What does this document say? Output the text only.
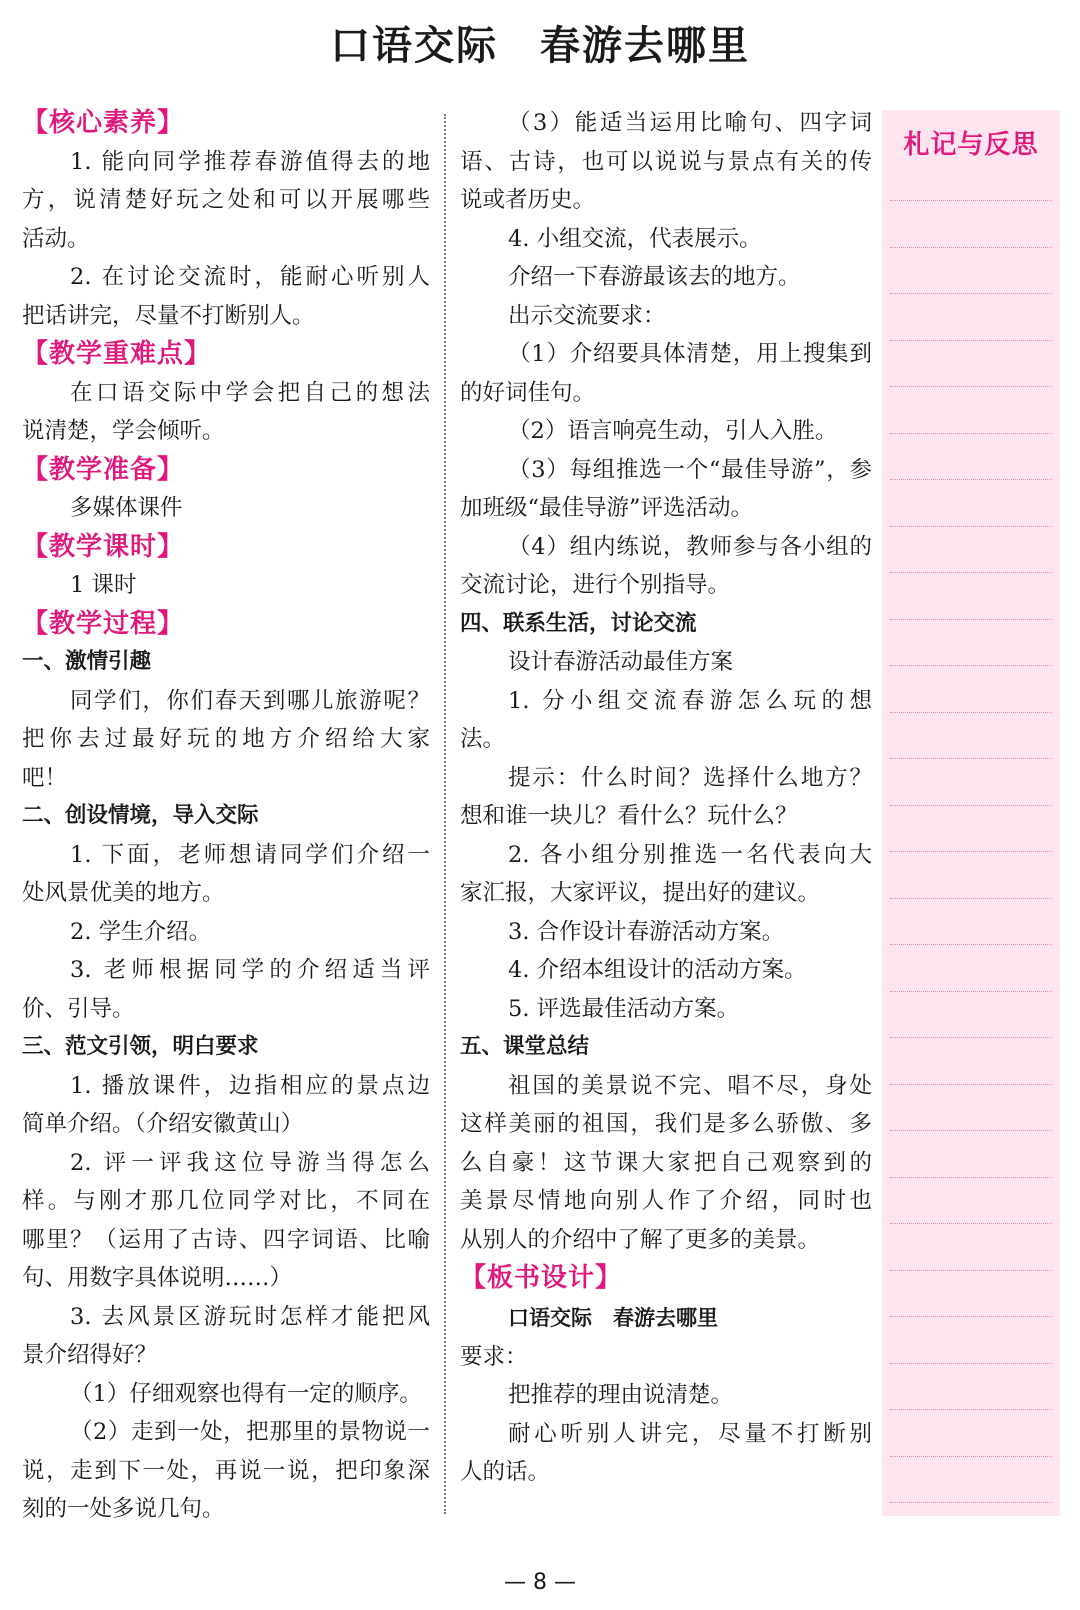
口语交际　春游去哪里

【核心素养】

1. 能向同学推荐春游值得去的地

方，说清楚好玩之处和可以开展哪些

活动。

2. 在讨论交流时，能耐心听别人

把话讲完，尽量不打断别人。

【教学重难点】

在口语交际中学会把自己的想法

说清楚，学会倾听。

【教学准备】

多媒体课件

【教学课时】

1 课时

【教学过程】

一、激情引趣

同学们，你们春天到哪儿旅游呢？

把你去过最好玩的地方介绍给大家

吧！

二、创设情境，导入交际

1. 下面，老师想请同学们介绍一

处风景优美的地方。

2. 学生介绍。

3. 老师根据同学的介绍适当评

价、引导。

三、范文引领，明白要求

1. 播放课件，边指相应的景点边

简单介绍。（介绍安徽黄山）

2. 评一评我这位导游当得怎么

样。与刚才那几位同学对比，不同在

哪里？（运用了古诗、四字词语、比喻

句、用数字具体说明……）

3. 去风景区游玩时怎样才能把风

景介绍得好？

（1）仔细观察也得有一定的顺序。

（2）走到一处，把那里的景物说一

说，走到下一处，再说一说，把印象深

刻的一处多说几句。

（3）能适当运用比喻句、四字词

语、古诗，也可以说说与景点有关的传

说或者历史。

4. 小组交流，代表展示。

介绍一下春游最该去的地方。

出示交流要求：

（1）介绍要具体清楚，用上搜集到

的好词佳句。

（2）语言响亮生动，引人入胜。

（3）每组推选一个“最佳导游”，参

加班级“最佳导游”评选活动。

（4）组内练说，教师参与各小组的

交流讨论，进行个别指导。

四、联系生活，讨论交流

设计春游活动最佳方案

1. 分小组交流春游怎么玩的想

法。

提示：什么时间？选择什么地方？

想和谁一块儿？看什么？玩什么？

2. 各小组分别推选一名代表向大

家汇报，大家评议，提出好的建议。

3. 合作设计春游活动方案。

4. 介绍本组设计的活动方案。

5. 评选最佳活动方案。

五、课堂总结

祖国的美景说不完、唱不尽，身处

这样美丽的祖国，我们是多么骄傲、多

么自豪！这节课大家把自己观察到的

美景尽情地向别人作了介绍，同时也

从别人的介绍中了解了更多的美景。

【板书设计】

口语交际　春游去哪里

要求：

把推荐的理由说清楚。

耐心听别人讲完，尽量不打断别

人的话。

札记与反思
— 8 —
